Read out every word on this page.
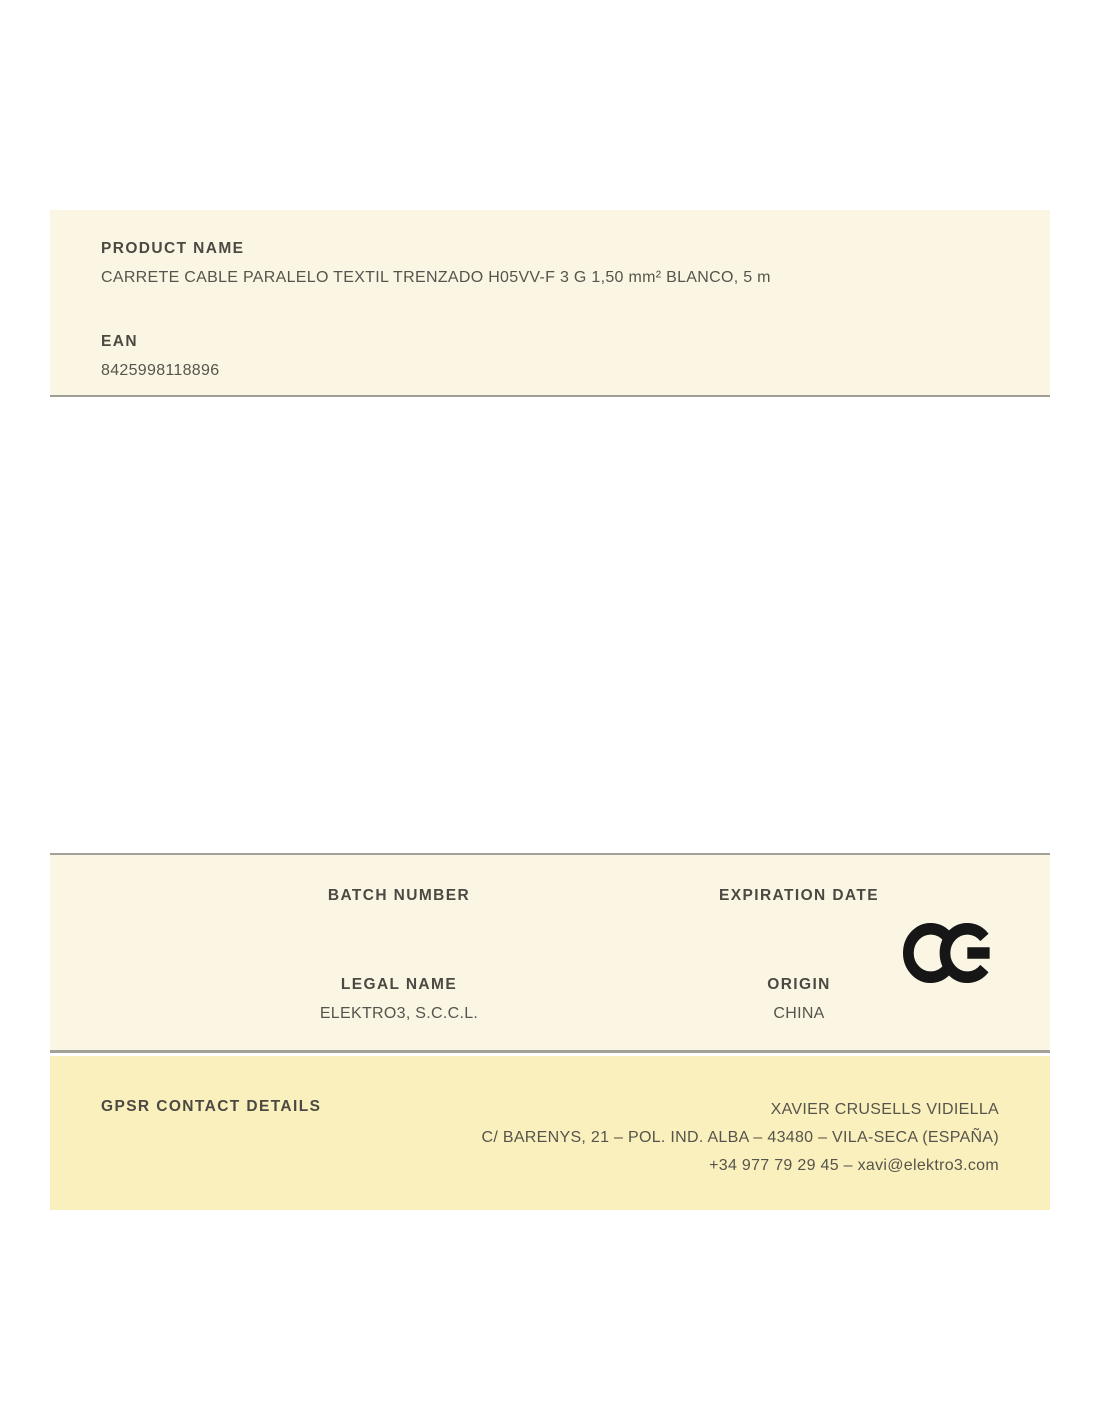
PRODUCT NAME
CARRETE CABLE PARALELO TEXTIL TRENZADO H05VV-F 3 G 1,50 mm² BLANCO, 5 m
EAN
8425998118896
BATCH NUMBER	EXPIRATION DATE
LEGAL NAME
ELEKTRO3, S.C.C.L.
ORIGIN
CHINA
GPSR CONTACT DETAILS	XAVIER CRUSELLS VIDIELLA
C/ BARENYS, 21 – POL. IND. ALBA – 43480 – VILA-SECA (ESPAÑA)
+34 977 79 29 45 – xavi@elektro3.com
